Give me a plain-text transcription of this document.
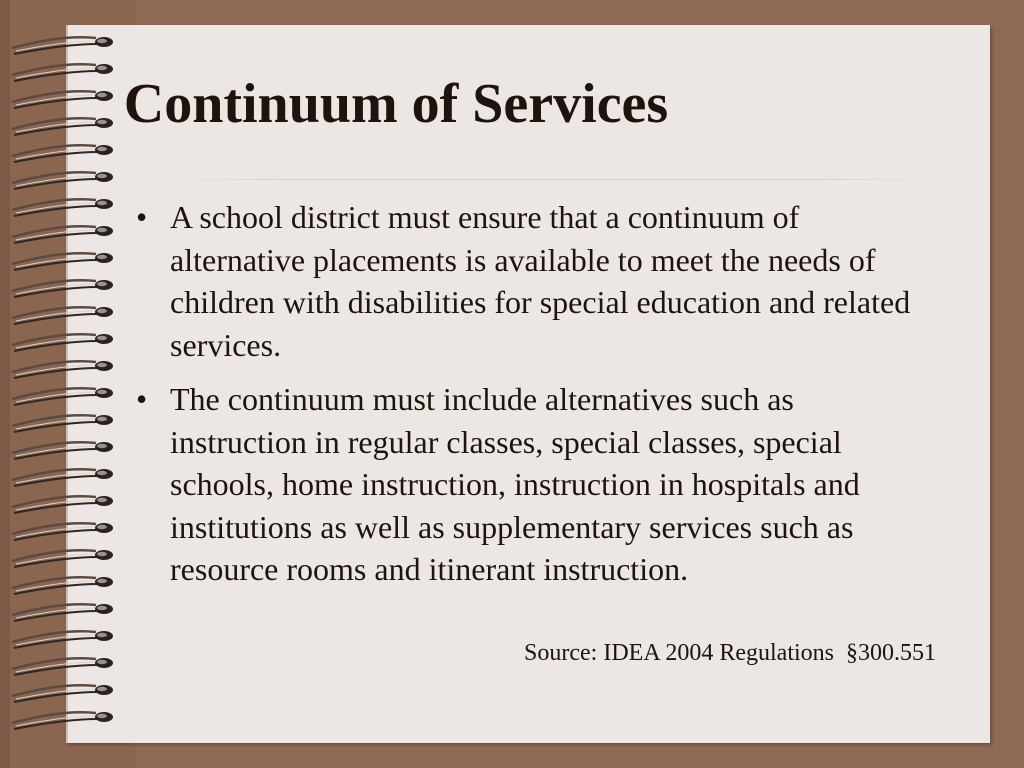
Continuum of Services
• A school district must ensure that a continuum of alternative placements is available to meet the needs of children with disabilities for special education and related services.
• The continuum must include alternatives such as instruction in regular classes, special classes, special schools, home instruction, instruction in hospitals and institutions as well as supplementary services such as resource rooms and itinerant instruction.
Source: IDEA 2004 Regulations  §300.551
